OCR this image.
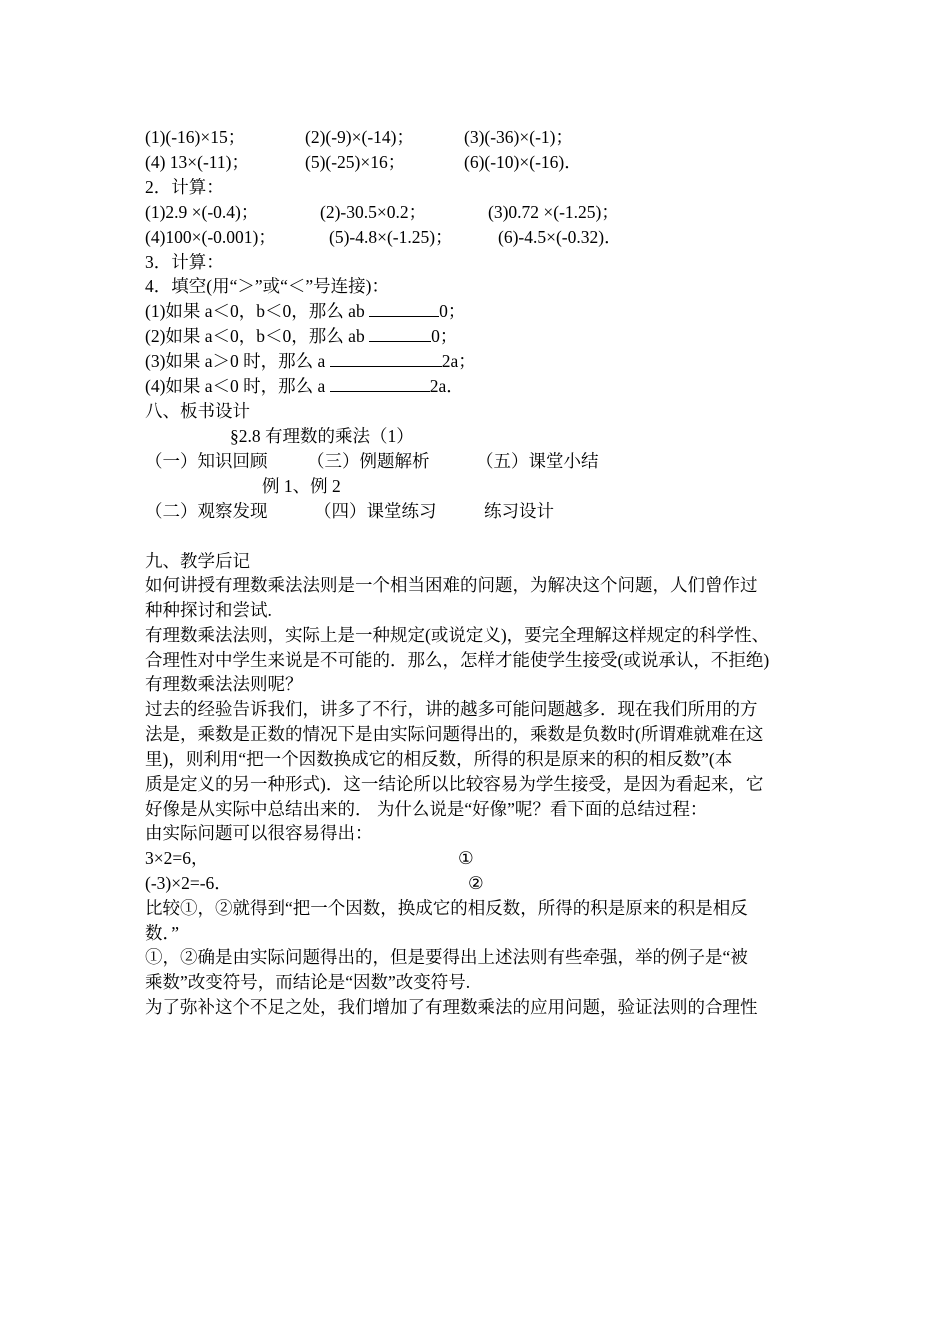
(1)(-16)×15；	(2)(-9)×(-14)；	(3)(-36)×(-1)；
(4) 13×(-11)；	(5)(-25)×16；	(6)(-10)×(-16)．
2．计算：
(1)2.9 ×(-0.4)；	(2)-30.5×0.2；	(3)0.72 ×(-1.25)；
(4)100×(-0.001)；	(5)-4.8×(-1.25)；	(6)-4.5×(-0.32)．
3．计算：
4．填空(用“＞”或“＜”号连接)：
(1)如果 a＜0，b＜0，那么 ab	0；
(2)如果 a＜0，b＜0，那么 ab	0；
(3)如果 a＞0 时，那么 a	2a；
(4)如果 a＜0 时，那么 a	2a．
八、板书设计
§2.8 有理数的乘法（1）
（一）知识回顾 （三）例题解析	（五）课堂小结
例 1、例 2
（二）观察发现	（四）课堂练习	练习设计
九、教学后记
如何讲授有理数乘法法则是一个相当困难的问题，为解决这个问题，人们曾作过
种种探讨和尝试.
有理数乘法法则，实际上是一种规定(或说定义)，要完全理解这样规定的科学性、
合理性对中学生来说是不可能的．那么，怎样才能使学生接受(或说承认，不拒绝)
有理数乘法法则呢？
过去的经验告诉我们，讲多了不行，讲的越多可能问题越多．现在我们所用的方
法是，乘数是正数的情况下是由实际问题得出的，乘数是负数时(所谓难就难在这
里)，则利用“把一个因数换成它的相反数，所得的积是原来的积的相反数”(本
质是定义的另一种形式)．这一结论所以比较容易为学生接受，是因为看起来，它
好像是从实际中总结出来的． 为什么说是“好像”呢？看下面的总结过程：
由实际问题可以很容易得出：
3×2=6，	①
(-3)×2=-6．	②
比较①，②就得到“把一个因数，换成它的相反数，所得的积是原来的积是相反
数．”
①，②确是由实际问题得出的，但是要得出上述法则有些牵强，举的例子是“被
乘数”改变符号，而结论是“因数”改变符号.
为了弥补这个不足之处，我们增加了有理数乘法的应用问题，验证法则的合理性
